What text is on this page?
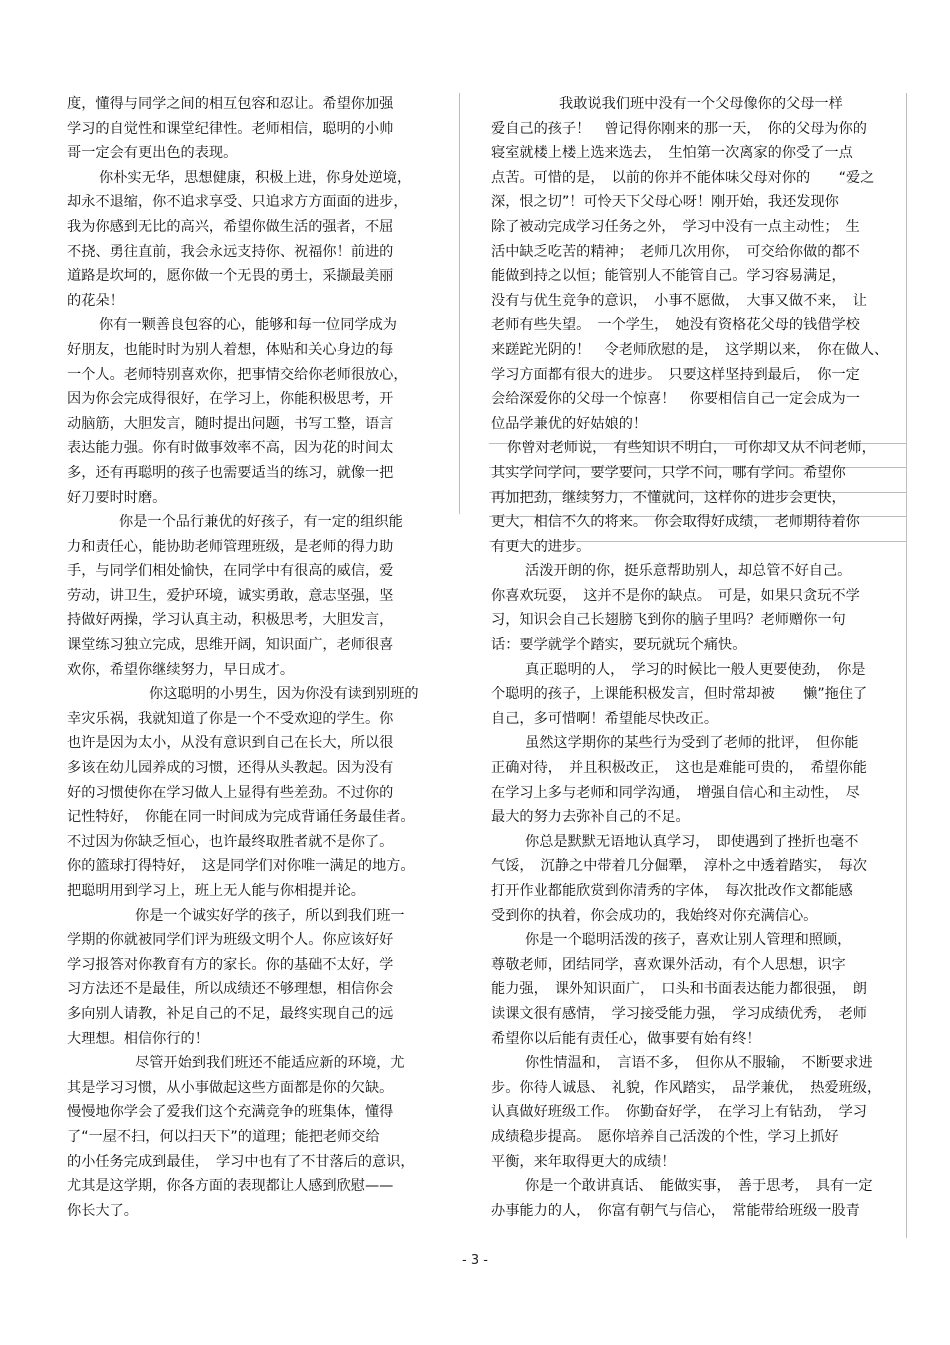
度，懂得与同学之间的相互包容和忍让。希望你加强
学习的自觉性和课堂纪律性。老师相信，聪明的小帅
哥一定会有更出色的表现。
你朴实无华，思想健康，积极上进，你身处逆境，
却永不退缩，你不追求享受、只追求方方面面的进步，
我为你感到无比的高兴，希望你做生活的强者，不屈
不挠、勇往直前，我会永远支持你、祝福你！前进的
道路是坎坷的，愿你做一个无畏的勇士，采撷最美丽
的花朵！
你有一颗善良包容的心，能够和每一位同学成为
好朋友，也能时时为别人着想，体贴和关心身边的每
一个人。老师特别喜欢你，把事情交给你老师很放心，
因为你会完成得很好，在学习上，你能积极思考，开
动脑筋，大胆发言，随时提出问题，书写工整，语言
表达能力强。你有时做事效率不高，因为花的时间太
多，还有再聪明的孩子也需要适当的练习，就像一把
好刀要时时磨。
你是一个品行兼优的好孩子，有一定的组织能
力和责任心，能协助老师管理班级，是老师的得力助
手，与同学们相处愉快，在同学中有很高的威信，爱
劳动，讲卫生，爱护环境，诚实勇敢，意志坚强，坚
持做好两操，学习认真主动，积极思考，大胆发言，
课堂练习独立完成，思维开阔，知识面广，老师很喜
欢你，希望你继续努力，早日成才。
你这聪明的小男生，因为你没有读到别班的
幸灾乐祸，我就知道了你是一个不受欢迎的学生。你
也许是因为太小，从没有意识到自己在长大，所以很
多该在幼儿园养成的习惯，还得从头教起。因为没有
好的习惯使你在学习做人上显得有些差劲。不过你的
记性特好，　你能在同一时间成为完成背诵任务最佳者。
不过因为你缺乏恒心，也许最终取胜者就不是你了。
你的篮球打得特好，　这是同学们对你唯一满足的地方。
把聪明用到学习上，班上无人能与你相提并论。
你是一个诚实好学的孩子，所以到我们班一
学期的你就被同学们评为班级文明个人。你应该好好
学习报答对你教育有方的家长。你的基础不太好，学
习方法还不是最佳，所以成绩还不够理想，相信你会
多向别人请教，补足自己的不足，最终实现自己的远
大理想。相信你行的！
尽管开始到我们班还不能适应新的环境，尤
其是学习习惯，从小事做起这些方面都是你的欠缺。
慢慢地你学会了爱我们这个充满竞争的班集体，懂得
了“一屋不扫，何以扫天下”的道理；能把老师交给
的小任务完成到最佳，　学习中也有了不甘落后的意识，
尤其是这学期，你各方面的表现都让人感到欣慰——
你长大了。
我敢说我们班中没有一个父母像你的父母一样
爱自己的孩子！　曾记得你刚来的那一天，　你的父母为你的
寝室就楼上楼上选来选去，　生怕第一次离家的你受了一点
点苦。可惜的是，　以前的你并不能体味父母对你的　　“爱之
深，恨之切”！可怜天下父母心呀！刚开始，我还发现你
除了被动完成学习任务之外，　学习中没有一点主动性；　生
活中缺乏吃苦的精神；　老师几次用你，　可交给你做的都不
能做到持之以恒；能管别人不能管自己。学习容易满足，
没有与优生竞争的意识，　小事不愿做，　大事又做不来，　让
老师有些失望。　一个学生，　她没有资格花父母的钱借学校
来蹉跎光阴的！　令老师欣慰的是，　这学期以来，　你在做人、
学习方面都有很大的进步。　只要这样坚持到最后，　你一定
会给深爱你的父母一个惊喜！　你要相信自己一定会成为一
位品学兼优的好姑娘的！
你曾对老师说，　有些知识不明白，　可你却又从不问老师，
其实学问学问，要学要问，只学不问，哪有学问。希望你
再加把劲，继续努力，不懂就问，这样你的进步会更快，
更大，相信不久的将来。　你会取得好成绩，　老师期待着你
有更大的进步。
活泼开朗的你，挺乐意帮助别人，却总管不好自己。
你喜欢玩耍，　这并不是你的缺点。　可是，如果只贪玩不学
习，知识会自己长翅膀飞到你的脑子里吗？老师赠你一句
话：要学就学个踏实，要玩就玩个痛快。
真正聪明的人，　学习的时候比一般人更要使劲，　你是
个聪明的孩子，上课能积极发言，但时常却被　　懒”拖住了
自己，多可惜啊！希望能尽快改正。
虽然这学期你的某些行为受到了老师的批评，　但你能
正确对待，　并且积极改正，　这也是难能可贵的，　希望你能
在学习上多与老师和同学沟通，　增强自信心和主动性，　尽
最大的努力去弥补自己的不足。
你总是默默无语地认真学习，　即使遇到了挫折也毫不
气馁，　沉静之中带着几分倔犟，　淳朴之中透着踏实，　每次
打开作业都能欣赏到你清秀的字体，　每次批改作文都能感
受到你的执着，你会成功的，我始终对你充满信心。
你是一个聪明活泼的孩子，喜欢让别人管理和照顾，
尊敬老师，团结同学，喜欢课外活动，有个人思想，识字
能力强，　课外知识面广，　口头和书面表达能力都很强，　朗
读课文很有感情，　学习接受能力强，　学习成绩优秀，　老师
希望你以后能有责任心，做事要有始有终！
你性情温和，　言语不多，　但你从不服输，　不断要求进
步。你待人诚恳、　礼貌，作风踏实，　品学兼优，　热爱班级，
认真做好班级工作。　你勤奋好学，　在学习上有钻劲，　学习
成绩稳步提高。　愿你培养自己活泼的个性，学习上抓好
平衡，来年取得更大的成绩！
你是一个敢讲真话、　能做实事，　善于思考，　具有一定
办事能力的人，　你富有朝气与信心，　常能带给班级一股青
- 3 -
